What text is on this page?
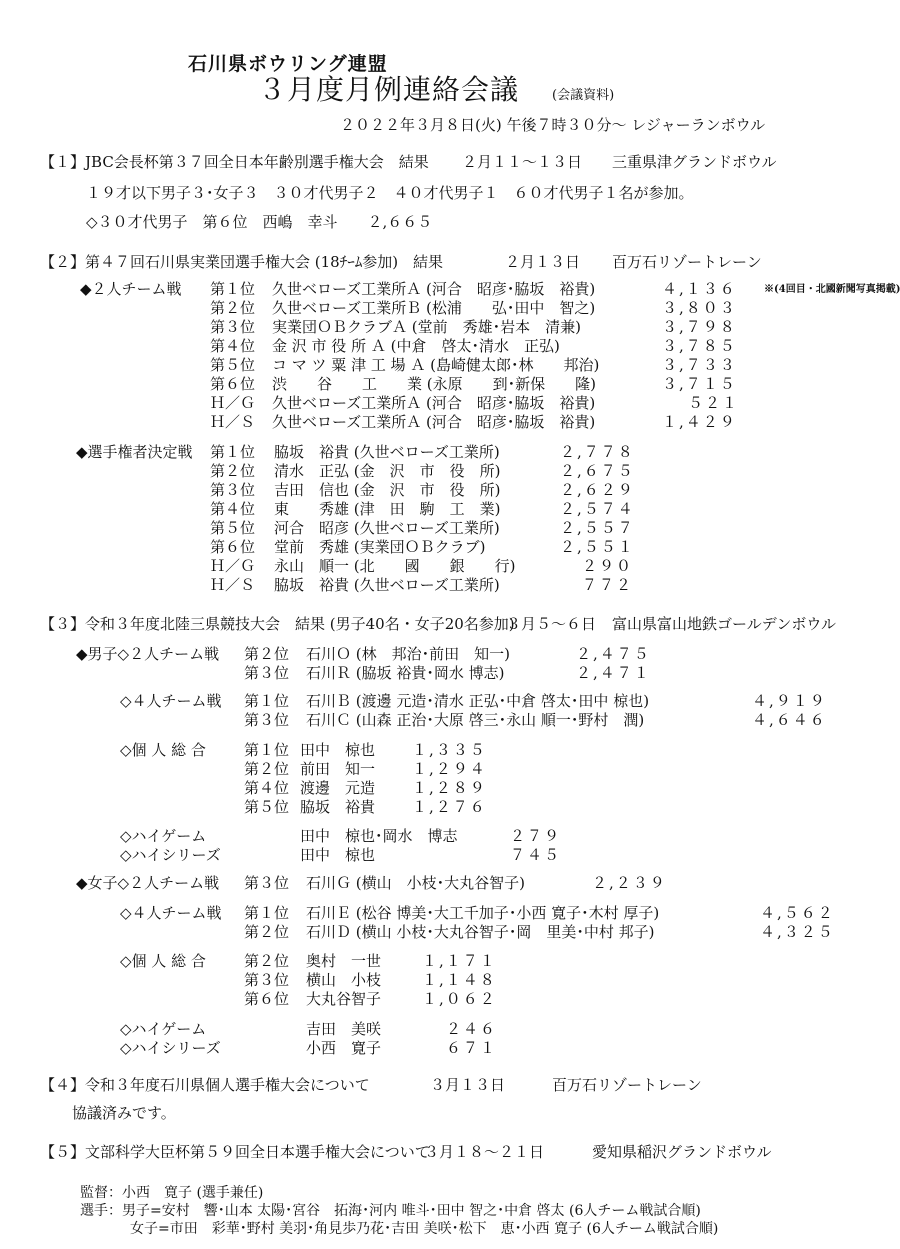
石川県ボウリング連盟
３月度月例連絡会議	(会議資料)
２０２２年３月８日(火) 午後７時３０分〜 レジャーランボウル
【１】JBC会長杯第３７回全日本年齢別選手権大会　結果 ２月１１〜１３日 三重県津グランドボウル
１９才以下男子３･女子３　３０才代男子２　４０才代男子１　６０才代男子１名が参加。
◇３０才代男子　第６位　西嶋　幸斗　　２,６６５
【２】第４７回石川県実業団選手権大会 (18ﾁｰﾑ参加)　結果	２月１３日 百万石リゾートレーン
◆２人チーム戦 第１位 久世ベローズ工業所Ａ (河合　昭彦･脇坂　裕貴)	４,１３６	※(4回目・北國新聞写真掲載)
第２位 久世ベローズ工業所Ｂ (松浦　　弘･田中　智之)	３,８０３
第３位 実業団ＯＢクラブＡ (堂前　秀雄･岩本　清兼)	３,７９８
第４位 金 沢 市 役 所 Ａ (中倉　啓太･清水　正弘)	３,７８５
第５位 コ マ ツ 粟 津 工 場 Ａ (島崎健太郎･林　　邦治)	３,７３３
第６位 渋　　谷　　工　　業 (永原　　到･新保　　隆)	３,７１５
Ｈ／Ｇ 久世ベローズ工業所Ａ (河合　昭彦･脇坂　裕貴)	５２１
Ｈ／Ｓ 久世ベローズ工業所Ａ (河合　昭彦･脇坂　裕貴)	１,４２９
◆選手権者決定戦 第１位 脇坂　裕貴 (久世ベローズ工業所)	２,７７８
第２位 清水　正弘 (金　沢　市　役　所)	２,６７５
第３位 吉田　信也 (金　沢　市　役　所)	２,６２９
第４位 東　　秀雄 (津　田　駒　工　業)	２,５７４
第５位 河合　昭彦 (久世ベローズ工業所)	２,５５７
第６位 堂前　秀雄 (実業団ＯＢクラブ)	２,５５１
Ｈ／Ｇ 永山　順一 (北　　國　　銀　　行)	２９０
Ｈ／Ｓ 脇坂　裕貴 (久世ベローズ工業所)	７７２
【３】令和３年度北陸三県競技大会　結果 (男子40名・女子20名参加)
３月５〜６日 富山県富山地鉄ゴールデンボウル
◆男子◇２人チーム戦 第２位 石川Ｏ (林　邦治･前田　知一)	２,４７５
第３位 石川Ｒ (脇坂 裕貴･岡水 博志)	２,４７１
◇４人チーム戦 第１位 石川Ｂ (渡邊 元造･清水 正弘･中倉 啓太･田中 椋也)	４,９１９
第３位 石川Ｃ (山森 正治･大原 啓三･永山 順一･野村　潤)	４,６４６
◇個 人 総 合	第１位 田中　椋也 １,３３５
第２位 前田　知一 １,２９４
第４位 渡邊　元造 １,２８９
第５位 脇坂　裕貴 １,２７６
◇ハイゲーム	田中　椋也･岡水　博志	２７９
◇ハイシリーズ	田中　椋也	７４５
◆女子◇２人チーム戦 第３位 石川Ｇ (横山　小枝･大丸谷智子)	２,２３９
◇４人チーム戦 第１位 石川Ｅ (松谷 博美･大工千加子･小西 寛子･木村 厚子)	４,５６２
第２位 石川Ｄ (横山 小枝･大丸谷智子･岡　里美･中村 邦子)	４,３２５
◇個 人 総 合	第２位 奥村　一世	１,１７１
第３位 横山　小枝	１,１４８
第６位 大丸谷智子	１,０６２
◇ハイゲーム	吉田　美咲	２４６
◇ハイシリーズ	小西　寛子	６７１
【４】令和３年度石川県個人選手権大会について	３月１３日	百万石リゾートレーン
協議済みです。
【５】文部科学大臣杯第５９回全日本選手権大会について
３月１８〜２１日	愛知県稲沢グランドボウル
監督：小西　寛子 (選手兼任)
選手：男子=安村　響･山本 太陽･宮谷　拓海･河内 唯斗･田中 智之･中倉 啓太 (6人チーム戦試合順)
女子=市田　彩華･野村 美羽･角見歩乃花･吉田 美咲･松下　恵･小西 寛子 (6人チーム戦試合順)
